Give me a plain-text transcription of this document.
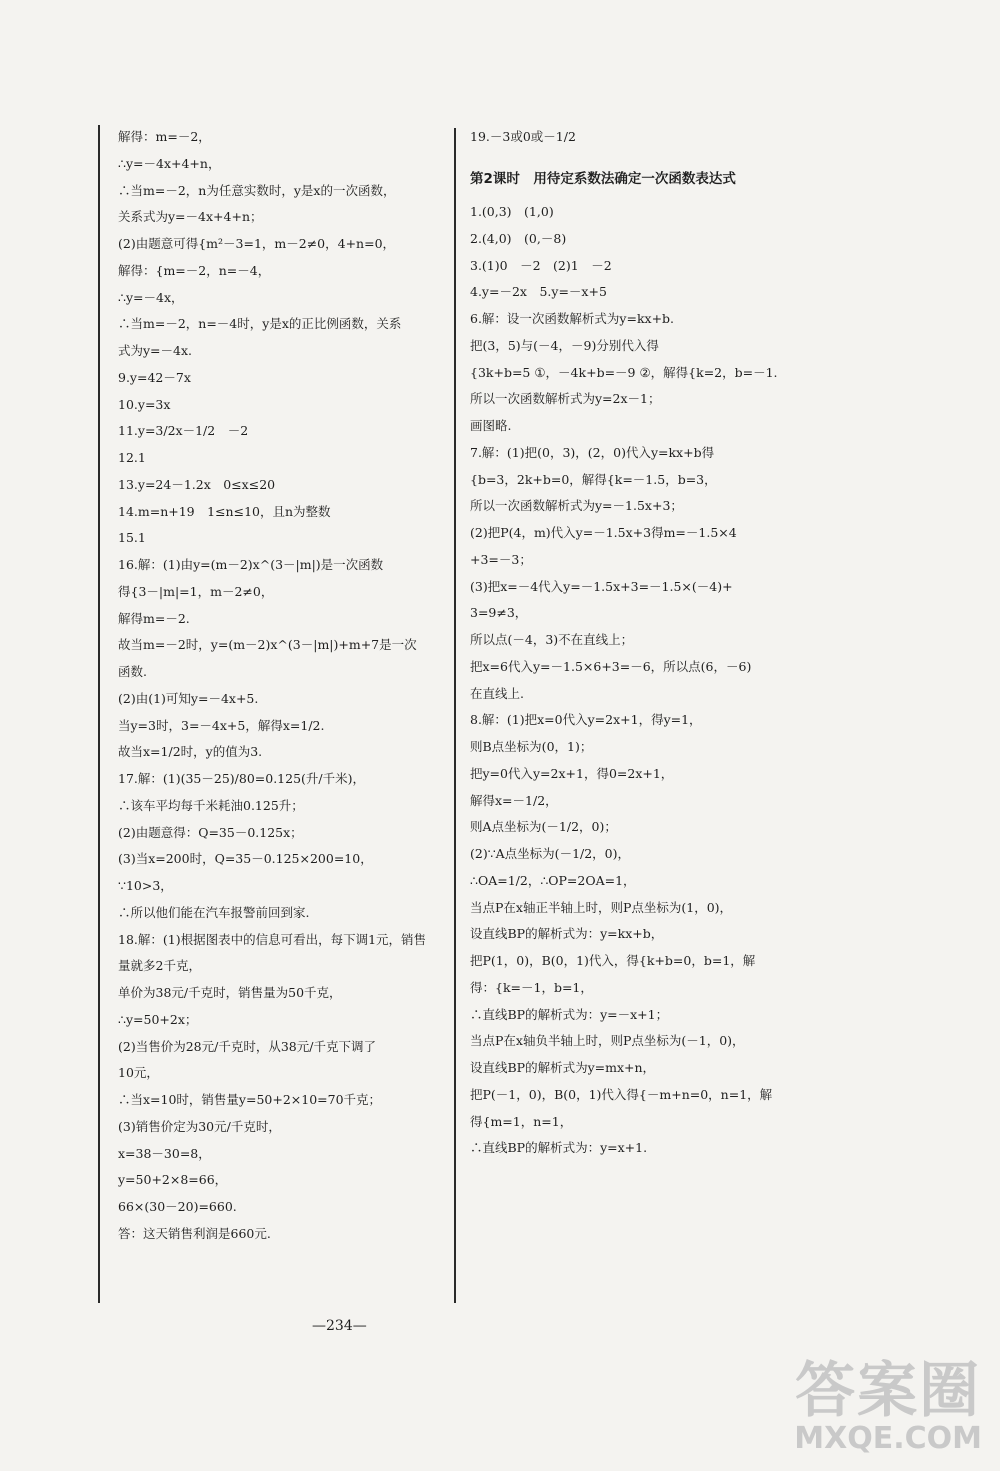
解得：m=－2，
∴y=－4x+4+n，
∴当m=－2，n为任意实数时，y是x的一次函数，
关系式为y=－4x+4+n；
(2)由题意可得{m²－3=1，m－2≠0，4+n=0，
解得：{m=－2，n=－4，
∴y=－4x，
∴当m=－2，n=－4时，y是x的正比例函数，关系
式为y=－4x.
9.y=42－7x
10.y=3x
11.y=3/2x－1/2　－2
12.1
13.y=24－1.2x　0≤x≤20
14.m=n+19　1≤n≤10，且n为整数
15.1
16.解：(1)由y=(m－2)x^(3－|m|)是一次函数
得{3－|m|=1，m－2≠0，
解得m=－2.
故当m=－2时，y=(m－2)x^(3－|m|)+m+7是一次
函数.
(2)由(1)可知y=－4x+5.
当y=3时，3=－4x+5，解得x=1/2.
故当x=1/2时，y的值为3.
17.解：(1)(35－25)/80=0.125(升/千米)，
∴该车平均每千米耗油0.125升；
(2)由题意得：Q=35－0.125x；
(3)当x=200时，Q=35－0.125×200=10，
∵10>3，
∴所以他们能在汽车报警前回到家.
18.解：(1)根据图表中的信息可看出，每下调1元，销售
量就多2千克，
单价为38元/千克时，销售量为50千克，
∴y=50+2x；
(2)当售价为28元/千克时，从38元/千克下调了
10元，
∴当x=10时，销售量y=50+2×10=70千克；
(3)销售价定为30元/千克时，
x=38－30=8，
y=50+2×8=66，
66×(30－20)=660.
答：这天销售利润是660元.
19.－3或0或－1/2
第2课时　用待定系数法确定一次函数表达式
1.(0,3)　(1,0)
2.(4,0)　(0,－8)
3.(1)0　－2　(2)1　－2
4.y=－2x　5.y=－x+5
6.解：设一次函数解析式为y=kx+b.
把(3，5)与(－4，－9)分别代入得
{3k+b=5 ①，－4k+b=－9 ②，解得{k=2，b=－1.
所以一次函数解析式为y=2x－1；
画图略.
7.解：(1)把(0，3)，(2，0)代入y=kx+b得
{b=3，2k+b=0，解得{k=－1.5，b=3，
所以一次函数解析式为y=－1.5x+3；
(2)把P(4，m)代入y=－1.5x+3得m=－1.5×4
+3=－3；
(3)把x=－4代入y=－1.5x+3=－1.5×(－4)+
3=9≠3，
所以点(－4，3)不在直线上；
把x=6代入y=－1.5×6+3=－6，所以点(6，－6)
在直线上.
8.解：(1)把x=0代入y=2x+1，得y=1，
则B点坐标为(0，1)；
把y=0代入y=2x+1，得0=2x+1，
解得x=－1/2，
则A点坐标为(－1/2，0)；
(2)∵A点坐标为(－1/2，0)，
∴OA=1/2，∴OP=2OA=1，
当点P在x轴正半轴上时，则P点坐标为(1，0)，
设直线BP的解析式为：y=kx+b，
把P(1，0)，B(0，1)代入，得{k+b=0，b=1，解
得：{k=－1，b=1，
∴直线BP的解析式为：y=－x+1；
当点P在x轴负半轴上时，则P点坐标为(－1，0)，
设直线BP的解析式为y=mx+n，
把P(－1，0)，B(0，1)代入得{－m+n=0，n=1，解
得{m=1，n=1，
∴直线BP的解析式为：y=x+1.
—234—
答案圈
MXQE.COM
